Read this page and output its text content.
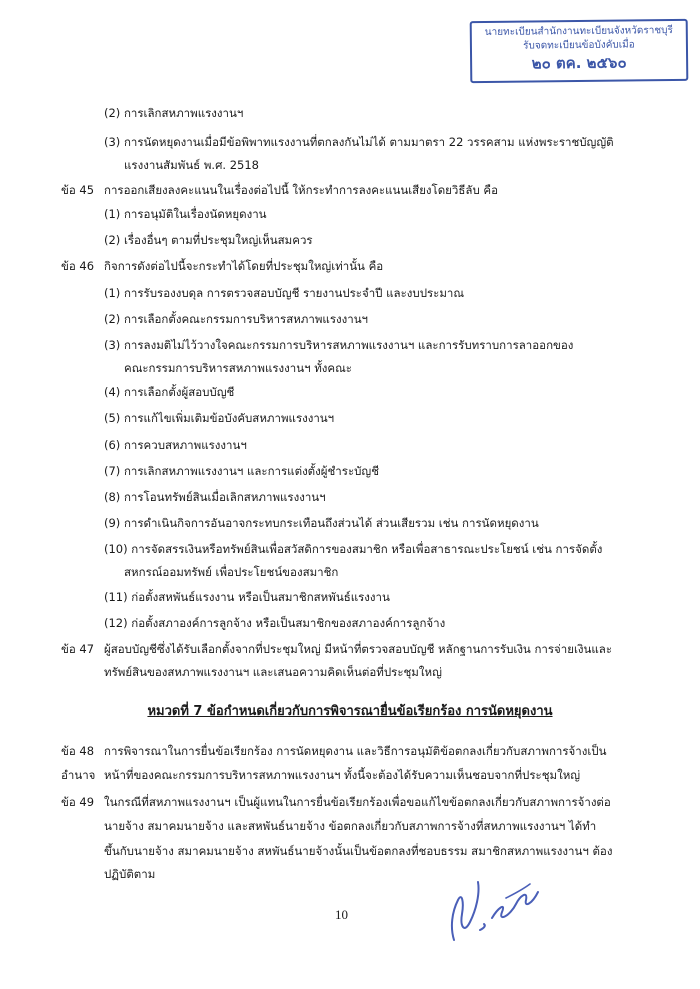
นายทะเบียนสำนักงานทะเบียนจังหวัดราชบุรี
รับจดทะเบียนข้อบังคับเมื่อ
๒๐ ตค. ๒๕๖๐
(2) การเลิกสหภาพแรงงานฯ
(3) การนัดหยุดงานเมื่อมีข้อพิพาทแรงงานที่ตกลงกันไม่ได้ ตามมาตรา 22 วรรคสาม แห่งพระราชบัญญัติ
แรงงานสัมพันธ์ พ.ศ. 2518
ข้อ 45 การออกเสียงลงคะแนนในเรื่องต่อไปนี้ ให้กระทำการลงคะแนนเสียงโดยวิธีลับ คือ
(1) การอนุมัติในเรื่องนัดหยุดงาน
(2) เรื่องอื่นๆ ตามที่ประชุมใหญ่เห็นสมควร
ข้อ 46 กิจการดังต่อไปนี้จะกระทำได้โดยที่ประชุมใหญ่เท่านั้น คือ
(1) การรับรองงบดุล การตรวจสอบบัญชี รายงานประจำปี และงบประมาณ
(2) การเลือกตั้งคณะกรรมการบริหารสหภาพแรงงานฯ
(3) การลงมติไม่ไว้วางใจคณะกรรมการบริหารสหภาพแรงงานฯ และการรับทราบการลาออกของ
คณะกรรมการบริหารสหภาพแรงงานฯ ทั้งคณะ
(4) การเลือกตั้งผู้สอบบัญชี
(5) การแก้ไขเพิ่มเติมข้อบังคับสหภาพแรงงานฯ
(6) การควบสหภาพแรงงานฯ
(7) การเลิกสหภาพแรงงานฯ และการแต่งตั้งผู้ชำระบัญชี
(8) การโอนทรัพย์สินเมื่อเลิกสหภาพแรงงานฯ
(9) การดำเนินกิจการอันอาจกระทบกระเทือนถึงส่วนได้ ส่วนเสียรวม เช่น การนัดหยุดงาน
(10) การจัดสรรเงินหรือทรัพย์สินเพื่อสวัสดิการของสมาชิก หรือเพื่อสาธารณะประโยชน์ เช่น การจัดตั้ง
สหกรณ์ออมทรัพย์ เพื่อประโยชน์ของสมาชิก
(11) ก่อตั้งสหพันธ์แรงงาน หรือเป็นสมาชิกสหพันธ์แรงงาน
(12) ก่อตั้งสภาองค์การลูกจ้าง หรือเป็นสมาชิกของสภาองค์การลูกจ้าง
ข้อ 47 ผู้สอบบัญชีซึ่งได้รับเลือกตั้งจากที่ประชุมใหญ่ มีหน้าที่ตรวจสอบบัญชี หลักฐานการรับเงิน การจ่ายเงินและ
ทรัพย์สินของสหภาพแรงงานฯ และเสนอความคิดเห็นต่อที่ประชุมใหญ่
หมวดที่ 7 ข้อกำหนดเกี่ยวกับการพิจารณายื่นข้อเรียกร้อง การนัดหยุดงาน
ข้อ 48 การพิจารณาในการยื่นข้อเรียกร้อง การนัดหยุดงาน และวิธีการอนุมัติข้อตกลงเกี่ยวกับสภาพการจ้างเป็น
อำนาจ หน้าที่ของคณะกรรมการบริหารสหภาพแรงงานฯ ทั้งนี้จะต้องได้รับความเห็นชอบจากที่ประชุมใหญ่
ข้อ 49 ในกรณีที่สหภาพแรงงานฯ เป็นผู้แทนในการยื่นข้อเรียกร้องเพื่อขอแก้ไขข้อตกลงเกี่ยวกับสภาพการจ้างต่อ
นายจ้าง สมาคมนายจ้าง และสหพันธ์นายจ้าง ข้อตกลงเกี่ยวกับสภาพการจ้างที่สหภาพแรงงานฯ ได้ทำ
ขึ้นกับนายจ้าง สมาคมนายจ้าง สหพันธ์นายจ้างนั้นเป็นข้อตกลงที่ชอบธรรม สมาชิกสหภาพแรงงานฯ ต้อง
ปฏิบัติตาม
10
